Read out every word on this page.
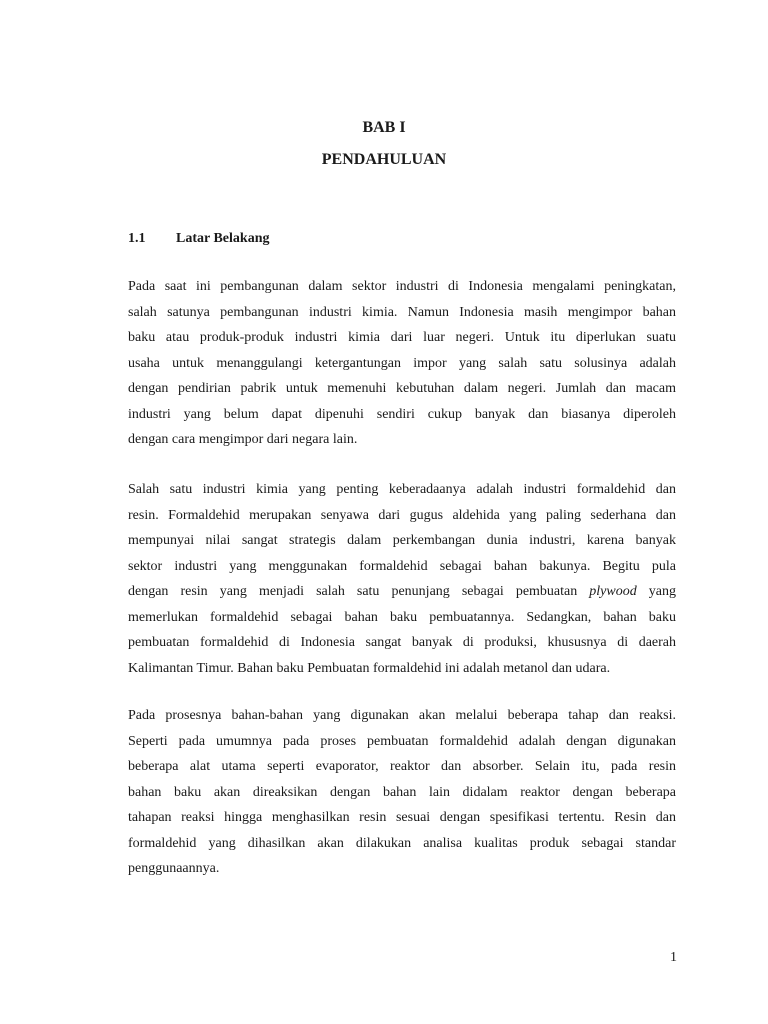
BAB I
PENDAHULUAN
1.1 Latar Belakang

Pada saat ini pembangunan dalam sektor industri di Indonesia mengalami peningkatan,
salah satunya pembangunan industri kimia. Namun Indonesia masih mengimpor bahan
baku atau produk-produk industri kimia dari luar negeri. Untuk itu diperlukan suatu
usaha untuk menanggulangi ketergantungan impor yang salah satu solusinya adalah
dengan pendirian pabrik untuk memenuhi kebutuhan dalam negeri. Jumlah dan macam
industri yang belum dapat dipenuhi sendiri cukup banyak dan biasanya diperoleh
dengan cara mengimpor dari negara lain.

Salah satu industri kimia yang penting keberadaanya adalah industri formaldehid dan
resin. Formaldehid merupakan senyawa dari gugus aldehida yang paling sederhana dan
mempunyai nilai sangat strategis dalam perkembangan dunia industri, karena banyak
sektor industri yang menggunakan formaldehid sebagai bahan bakunya. Begitu pula
dengan resin yang menjadi salah satu penunjang sebagai pembuatan plywood yang
memerlukan formaldehid sebagai bahan baku pembuatannya. Sedangkan, bahan baku
pembuatan formaldehid di Indonesia sangat banyak di produksi, khususnya di daerah
Kalimantan Timur. Bahan baku Pembuatan formaldehid ini adalah metanol dan udara.

Pada prosesnya bahan-bahan yang digunakan akan melalui beberapa tahap dan reaksi.
Seperti pada umumnya pada proses pembuatan formaldehid adalah dengan digunakan
beberapa alat utama seperti evaporator, reaktor dan absorber. Selain itu, pada resin
bahan baku akan direaksikan dengan bahan lain didalam reaktor dengan beberapa
tahapan reaksi hingga menghasilkan resin sesuai dengan spesifikasi tertentu. Resin dan
formaldehid yang dihasilkan akan dilakukan analisa kualitas produk sebagai standar
penggunaannya.

1
